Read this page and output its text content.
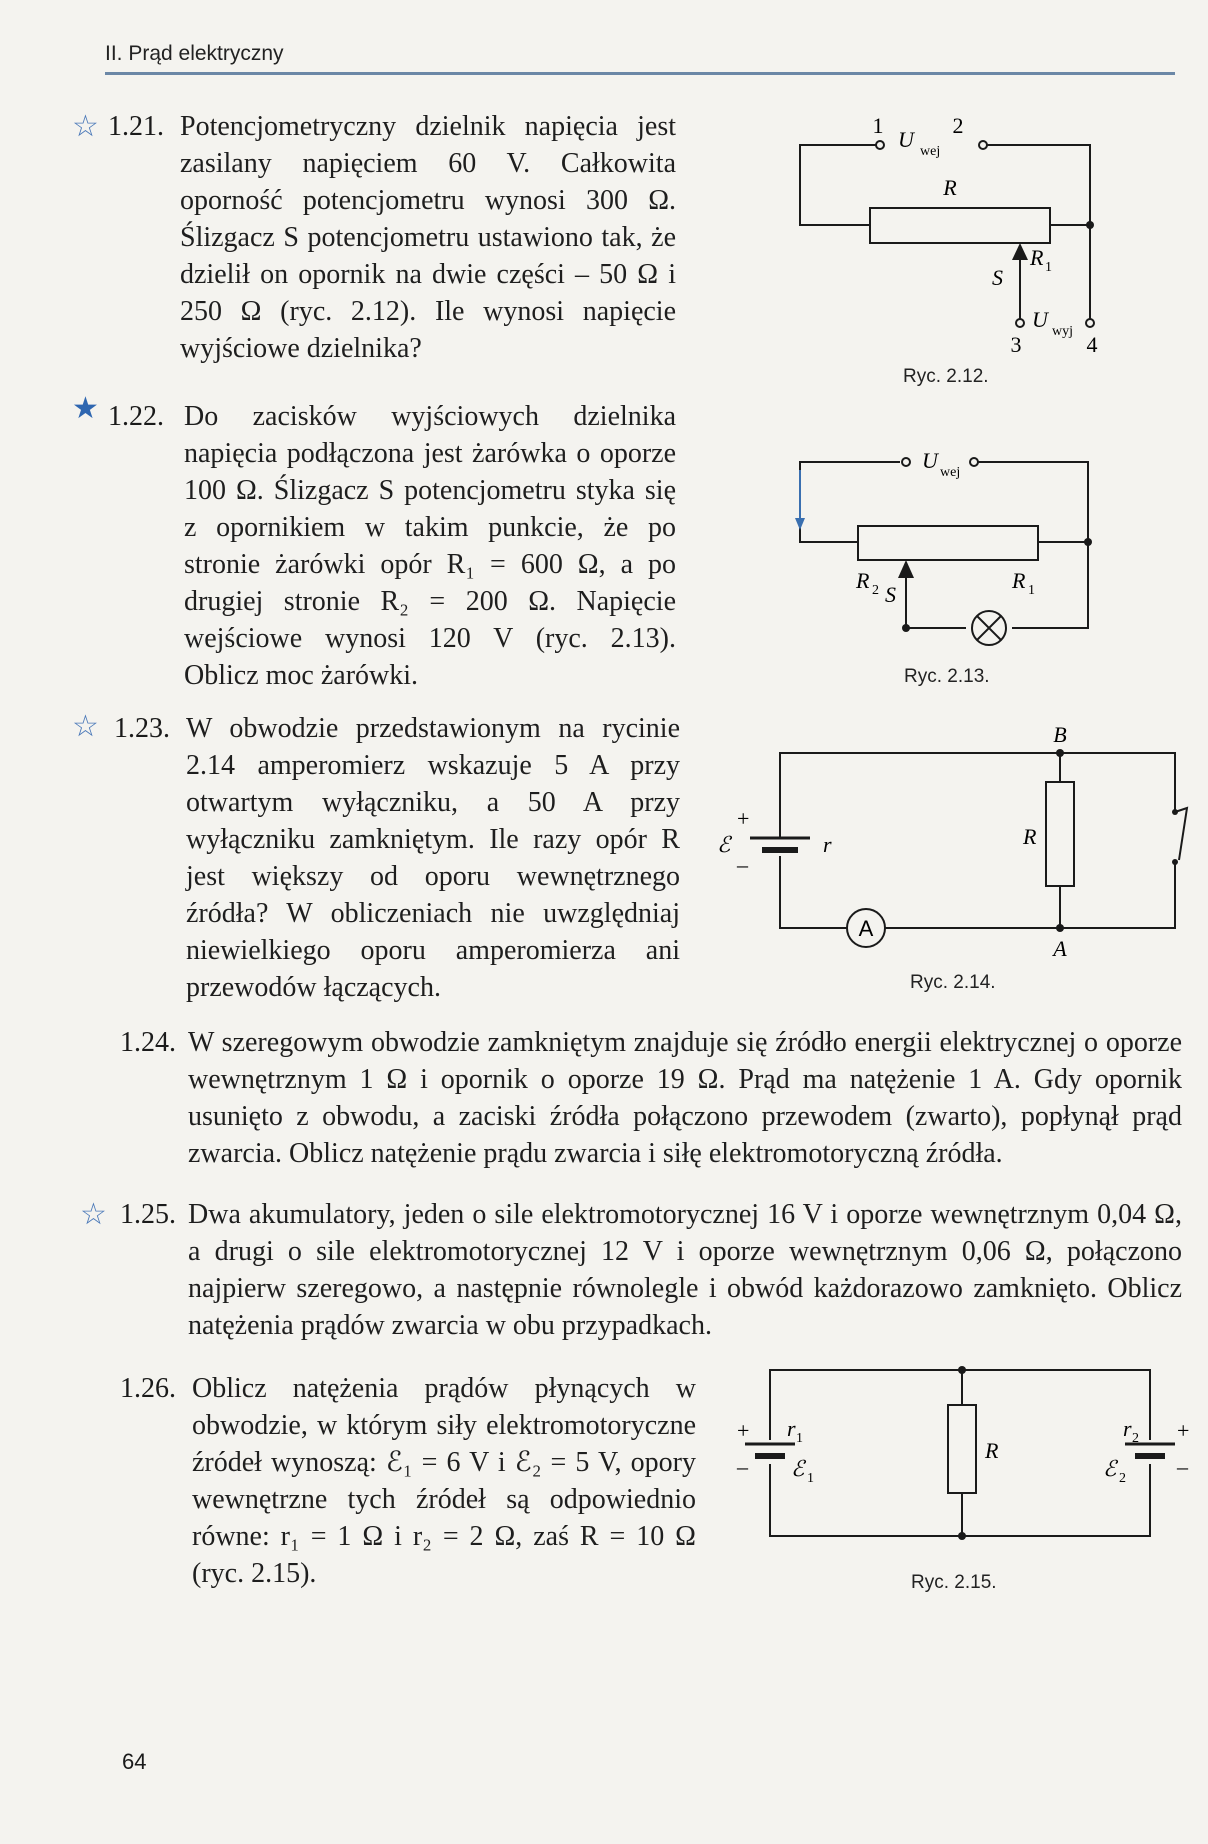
II. Prąd elektryczny
☆ 1.21. Potencjometryczny dzielnik napięcia jest zasilany napięciem 60 V. Całkowita oporność potencjometru wynosi 300 Ω. Ślizgacz S potencjometru ustawiono tak, że dzielił on opornik na dwie części – 50 Ω i 250 Ω (ryc. 2.12). Ile wynosi napięcie wyjściowe dzielnika?
★ 1.22. Do zacisków wyjściowych dzielnika napięcia podłączona jest żarówka o oporze 100 Ω. Ślizgacz S potencjometru styka się z opornikiem w takim punkcie, że po stronie żarówki opór R₁ = 600 Ω, a po drugiej stronie R₂ = 200 Ω. Napięcie wejściowe wynosi 120 V (ryc. 2.13). Oblicz moc żarówki.
☆ 1.23. W obwodzie przedstawionym na rycinie 2.14 amperomierz wskazuje 5 A przy otwartym wyłączniku, a 50 A przy wyłączniku zamkniętym. Ile razy opór R jest większy od oporu wewnętrznego źródła? W obliczeniach nie uwzględniaj niewielkiego oporu amperomierza ani przewodów łączących.
1.24. W szeregowym obwodzie zamkniętym znajduje się źródło energii elektrycznej o oporze wewnętrznym 1 Ω i opornik o oporze 19 Ω. Prąd ma natężenie 1 A. Gdy opornik usunięto z obwodu, a zaciski źródła połączono przewodem (zwarto), popłynął prąd zwarcia. Oblicz natężenie prądu zwarcia i siłę elektromotoryczną źródła.
☆ 1.25. Dwa akumulatory, jeden o sile elektromotorycznej 16 V i oporze wewnętrznym 0,04 Ω, a drugi o sile elektromotorycznej 12 V i oporze wewnętrznym 0,06 Ω, połączono najpierw szeregowo, a następnie równolegle i obwód każdorazowo zamknięto. Oblicz natężenia prądów zwarcia w obu przypadkach.
1.26. Oblicz natężenia prądów płynących w obwodzie, w którym siły elektromotoryczne źródeł wynoszą: ℰ₁ = 6 V i ℰ₂ = 5 V, opory wewnętrzne tych źródeł są odpowiednio równe: r₁ = 1 Ω i r₂ = 2 Ω, zaś R = 10 Ω (ryc. 2.15).
1	2
U wej
R
R 1
S
U wyj
3	4
Ryc. 2.12.
U wej
R 2 S
R 1
Ryc. 2.13.
A
B
A
R
ℰ	r
+
–
Ryc. 2.14.
+
–
r 1
ℰ 1
R
r 2
ℰ 2
+
–
Ryc. 2.15.
64
